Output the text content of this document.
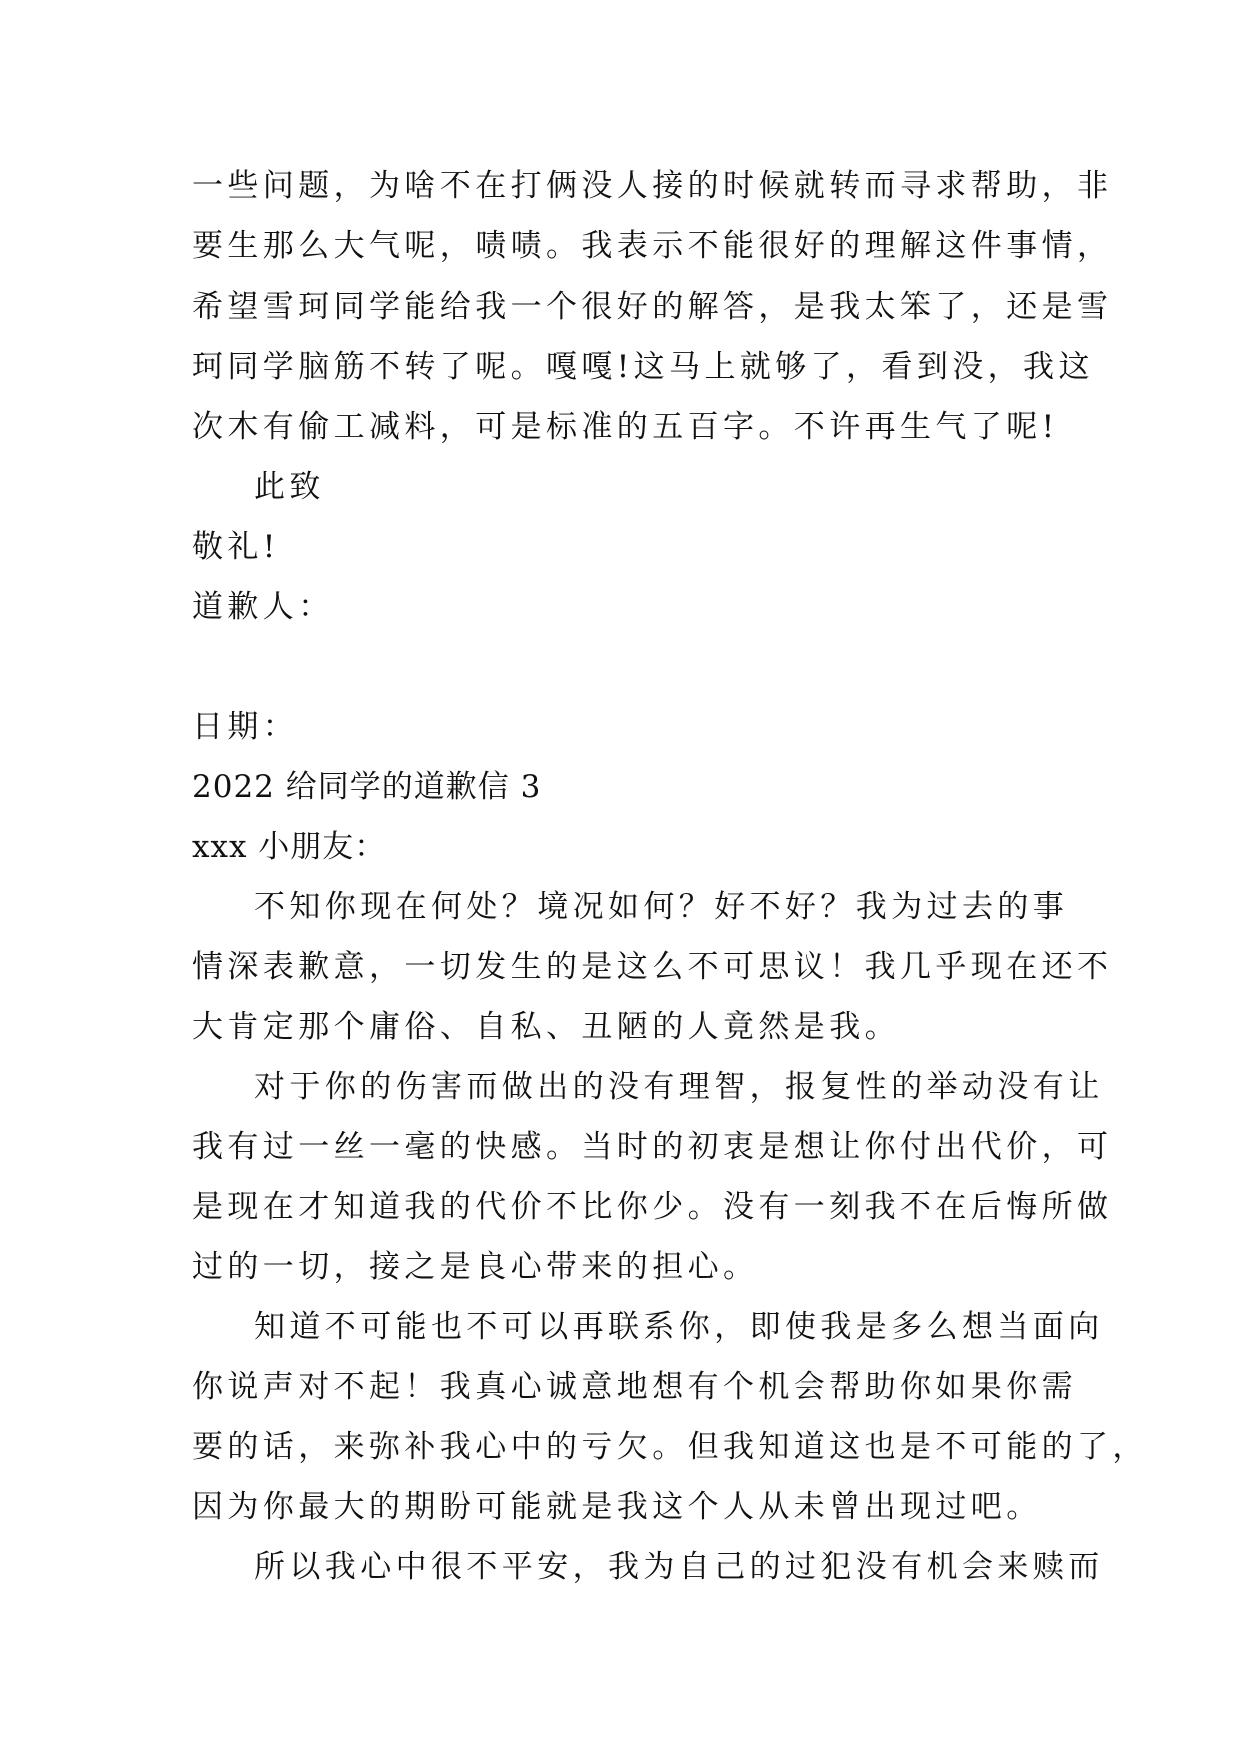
一些问题，为啥不在打俩没人接的时候就转而寻求帮助，非
要生那么大气呢，啧啧。我表示不能很好的理解这件事情，
希望雪珂同学能给我一个很好的解答，是我太笨了，还是雪
珂同学脑筋不转了呢。嘎嘎!这马上就够了，看到没，我这
次木有偷工减料，可是标准的五百字。不许再生气了呢!
此致
敬礼!
道歉人：
日期：
2022 给同学的道歉信 3
xxx 小朋友：
不知你现在何处？境况如何？好不好？我为过去的事
情深表歉意，一切发生的是这么不可思议！我几乎现在还不
大肯定那个庸俗、自私、丑陋的人竟然是我。
对于你的伤害而做出的没有理智，报复性的举动没有让
我有过一丝一毫的快感。当时的初衷是想让你付出代价，可
是现在才知道我的代价不比你少。没有一刻我不在后悔所做
过的一切，接之是良心带来的担心。
知道不可能也不可以再联系你，即使我是多么想当面向
你说声对不起！我真心诚意地想有个机会帮助你如果你需
要的话，来弥补我心中的亏欠。但我知道这也是不可能的了，
因为你最大的期盼可能就是我这个人从未曾出现过吧。
所以我心中很不平安，我为自己的过犯没有机会来赎而
